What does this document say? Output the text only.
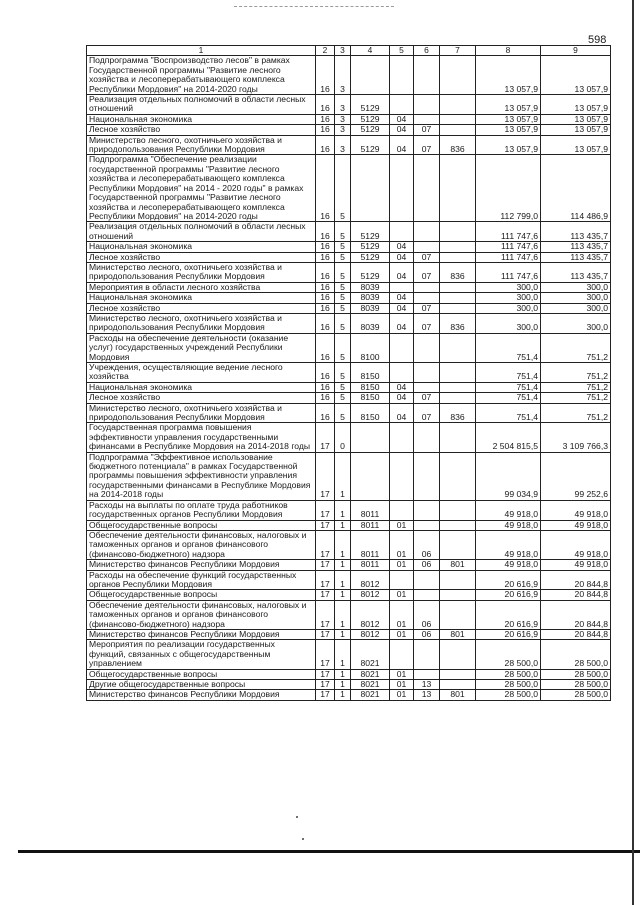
598
1	2	3	4	5	6	7	8	9
Подпрограмма "Воспроизводство лесов" в рамках Государственной программы "Развитие лесного хозяйства и лесоперерабатывающего комплекса Республики Мордовия" на 2014-2020 годы	16	3					13 057,9	13 057,9
Реализация отдельных полномочий в области лесных отношений	16	3	5129				13 057,9	13 057,9
Национальная экономика	16	3	5129	04			13 057,9	13 057,9
Лесное хозяйство	16	3	5129	04	07		13 057,9	13 057,9
Министерство лесного, охотничьего хозяйства и природопользования Республики Мордовия	16	3	5129	04	07	836	13 057,9	13 057,9
Подпрограмма "Обеспечение реализации государственной программы "Развитие лесного хозяйства и лесоперерабатывающего комплекса Республики Мордовия" на 2014 - 2020 годы" в рамках Государственной программы "Развитие лесного хозяйства и лесоперерабатывающего комплекса Республики Мордовия" на 2014-2020 годы	16	5					112 799,0	114 486,9
Реализация отдельных полномочий в области лесных отношений	16	5	5129				111 747,6	113 435,7
Национальная экономика	16	5	5129	04			111 747,6	113 435,7
Лесное хозяйство	16	5	5129	04	07		111 747,6	113 435,7
Министерство лесного, охотничьего хозяйства и природопользования Республики Мордовия	16	5	5129	04	07	836	111 747,6	113 435,7
Мероприятия в области лесного хозяйства	16	5	8039				300,0	300,0
Национальная экономика	16	5	8039	04			300,0	300,0
Лесное хозяйство	16	5	8039	04	07		300,0	300,0
Министерство лесного, охотничьего хозяйства и природопользования Республики Мордовия	16	5	8039	04	07	836	300,0	300,0
Расходы на обеспечение деятельности (оказание услуг) государственных учреждений Республики Мордовия	16	5	8100				751,4	751,2
Учреждения, осуществляющие ведение лесного хозяйства	16	5	8150				751,4	751,2
Национальная экономика	16	5	8150	04			751,4	751,2
Лесное хозяйство	16	5	8150	04	07		751,4	751,2
Министерство лесного, охотничьего хозяйства и природопользования Республики Мордовия	16	5	8150	04	07	836	751,4	751,2
Государственная программа повышения эффективности управления государственными финансами в Республике Мордовия на 2014-2018 годы	17	0					2 504 815,5	3 109 766,3
Подпрограмма "Эффективное использование бюджетного потенциала" в рамках Государственной программы повышения эффективности управления государственными финансами в Республике Мордовия на 2014-2018 годы	17	1					99 034,9	99 252,6
Расходы на выплаты по оплате труда работников государственных органов Республики Мордовия	17	1	8011				49 918,0	49 918,0
Общегосударственные вопросы	17	1	8011	01			49 918,0	49 918,0
Обеспечение деятельности финансовых, налоговых и таможенных органов и органов финансового (финансово-бюджетного) надзора	17	1	8011	01	06		49 918,0	49 918,0
Министерство финансов Республики Мордовия	17	1	8011	01	06	801	49 918,0	49 918,0
Расходы на обеспечение функций государственных органов Республики Мордовия	17	1	8012				20 616,9	20 844,8
Общегосударственные вопросы	17	1	8012	01			20 616,9	20 844,8
Обеспечение деятельности финансовых, налоговых и таможенных органов и органов финансового (финансово-бюджетного) надзора	17	1	8012	01	06		20 616,9	20 844,8
Министерство финансов Республики Мордовия	17	1	8012	01	06	801	20 616,9	20 844,8
Мероприятия по реализации государственных функций, связанных с общегосударственным управлением	17	1	8021				28 500,0	28 500,0
Общегосударственные вопросы	17	1	8021	01			28 500,0	28 500,0
Другие общегосударственные вопросы	17	1	8021	01	13		28 500,0	28 500,0
Министерство финансов Республики Мордовия	17	1	8021	01	13	801	28 500,0	28 500,0
